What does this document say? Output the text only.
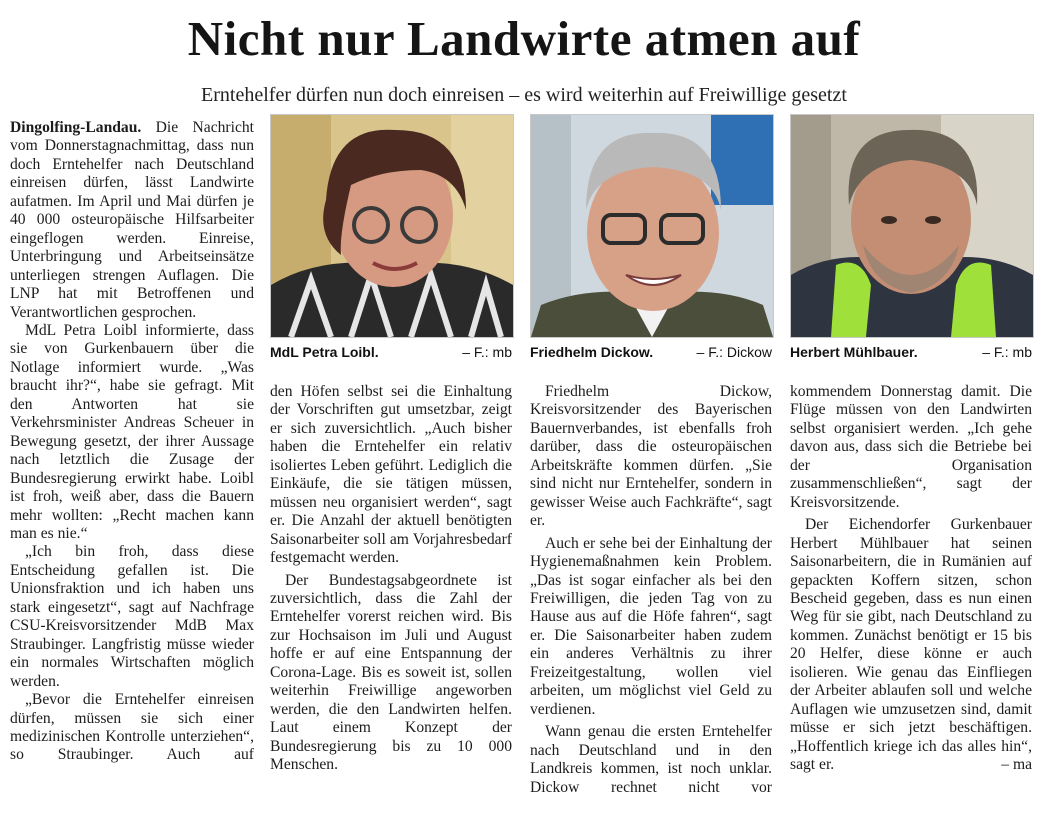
Nicht nur Landwirte atmen auf
Erntehelfer dürfen nun doch einreisen – es wird weiterhin auf Freiwillige gesetzt

Dingolfing-Landau. Die Nachricht vom Donnerstagnachmittag, dass nun doch Erntehelfer nach Deutschland einreisen dürfen, lässt Landwirte aufatmen. Im April und Mai dürfen je 40 000 osteuropäische Hilfsarbeiter eingeflogen werden. Einreise, Unterbringung und Arbeitseinsätze unterliegen strengen Auflagen. Die LNP hat mit Betroffenen und Verantwortlichen gesprochen.

MdL Petra Loibl informierte, dass sie von Gurkenbauern über die Notlage informiert wurde. „Was braucht ihr?“, habe sie gefragt. Mit den Antworten hat sie Verkehrsminister Andreas Scheuer in Bewegung gesetzt, der ihrer Aussage nach letztlich die Zusage der Bundesregierung erwirkt habe. Loibl ist froh, weiß aber, dass die Bauern mehr wollten: „Recht machen kann man es nie.“

„Ich bin froh, dass diese Entscheidung gefallen ist. Die Unionsfraktion und ich haben uns stark eingesetzt“, sagt auf Nachfrage CSU-Kreisvorsitzender MdB Max Straubinger. Langfristig müsse wieder ein normales Wirtschaften möglich werden.

„Bevor die Erntehelfer einreisen dürfen, müssen sie sich einer medizinischen Kontrolle unterziehen“, so Straubinger. Auch auf

MdL Petra Loibl.	– F.: mb Friedhelm Dickow.	– F.: Dickow Herbert Mühlbauer.	– F.: mb

den Höfen selbst sei die Einhaltung der Vorschriften gut umsetzbar, zeigt er sich zuversichtlich. „Auch bisher haben die Erntehelfer ein relativ isoliertes Leben geführt. Lediglich die Einkäufe, die sie tätigen müssen, müssen neu organisiert werden“, sagt er. Die Anzahl der aktuell benötigten Saisonarbeiter soll am Vorjahresbedarf festgemacht werden.

Der Bundestagsabgeordnete ist zuversichtlich, dass die Zahl der Erntehelfer vorerst reichen wird. Bis zur Hochsaison im Juli und August hoffe er auf eine Entspannung der Corona-Lage. Bis es soweit ist, sollen weiterhin Freiwillige angeworben werden, die den Landwirten helfen. Laut einem Konzept der Bundesregierung bis zu 10 000 Menschen.

Friedhelm Dickow, Kreisvorsitzender des Bayerischen Bauernverbandes, ist ebenfalls froh darüber, dass die osteuropäischen Arbeitskräfte kommen dürfen. „Sie sind nicht nur Erntehelfer, sondern in gewisser Weise auch Fachkräfte“, sagt er.

Auch er sehe bei der Einhaltung der Hygienemaßnahmen kein Problem. „Das ist sogar einfacher als bei den Freiwilligen, die jeden Tag von zu Hause aus auf die Höfe fahren“, sagt er. Die Saisonarbeiter haben zudem ein anderes Verhältnis zu ihrer Freizeitgestaltung, wollen viel arbeiten, um möglichst viel Geld zu verdienen.

Wann genau die ersten Erntehelfer nach Deutschland und in den Landkreis kommen, ist noch unklar. Dickow rechnet nicht vor

kommendem Donnerstag damit. Die Flüge müssen von den Landwirten selbst organisiert werden. „Ich gehe davon aus, dass sich die Betriebe bei der Organisation zusammenschließen“, sagt der Kreisvorsitzende.

Der Eichendorfer Gurkenbauer Herbert Mühlbauer hat seinen Saisonarbeitern, die in Rumänien auf gepackten Koffern sitzen, schon Bescheid gegeben, dass es nun einen Weg für sie gibt, nach Deutschland zu kommen. Zunächst benötigt er 15 bis 20 Helfer, diese könne er auch isolieren. Wie genau das Einfliegen der Arbeiter ablaufen soll und welche Auflagen wie umzusetzen sind, damit müsse er sich jetzt beschäftigen. „Hoffentlich kriege ich das alles hin“, sagt er.	– ma
